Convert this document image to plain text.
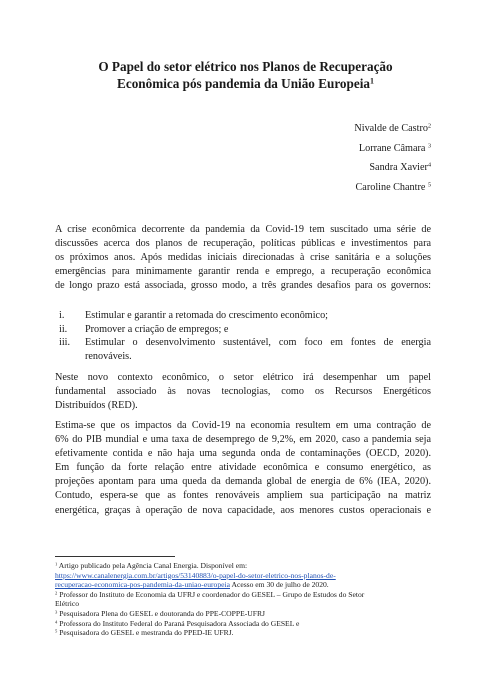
O Papel do setor elétrico nos Planos de Recuperação
Econômica pós pandemia da União Europeia$^1$
Nivalde de Castro$^2$
Lorrane Câmara $^3$
Sandra Xavier$^4$
Caroline Chantre $^5$
A crise econômica decorrente da pandemia da Covid-19 tem suscitado uma série de
discussões acerca dos planos de recuperação, políticas públicas e investimentos para
os próximos anos. Após medidas iniciais direcionadas à crise sanitária e a soluções
emergências para minimamente garantir renda e emprego, a recuperação econômica
de longo prazo está associada, grosso modo, a três grandes desafios para os governos:
i. Estimular e garantir a retomada do crescimento econômico;
ii. Promover a criação de empregos; e
iii. Estimular o desenvolvimento sustentável, com foco em fontes de energia
renováveis.
Neste novo contexto econômico, o setor elétrico irá desempenhar um papel
fundamental associado às novas tecnologias, como os Recursos Energéticos
Distribuídos (RED).
Estima-se que os impactos da Covid-19 na economia resultem em uma contração de
6% do PIB mundial e uma taxa de desemprego de 9,2%, em 2020, caso a pandemia seja
efetivamente contida e não haja uma segunda onda de contaminações (OECD, 2020).
Em função da forte relação entre atividade econômica e consumo energético, as
projeções apontam para uma queda da demanda global de energia de 6% (IEA, 2020).
Contudo, espera-se que as fontes renováveis ampliem sua participação na matriz
energética, graças à operação de nova capacidade, aos menores custos operacionais e
$^1$ Artigo publicado pela Agência Canal Energia. Disponível em:
https://www.canalenergia.com.br/artigos/53140883/o-papel-do-setor-eletrico-nos-planos-de-
recuperacao-economica-pos-pandemia-da-uniao-europeia Acesso em 30 de julho de 2020.
$^2$ Professor do Instituto de Economia da UFRJ e coordenador do GESEL – Grupo de Estudos do Setor
Elétrico
$^3$ Pesquisadora Plena do GESEL e doutoranda do PPE-COPPE-UFRJ
$^4$ Professora do Instituto Federal do Paraná Pesquisadora Associada do GESEL e
$^5$ Pesquisadora do GESEL e mestranda do PPED-IE UFRJ.
